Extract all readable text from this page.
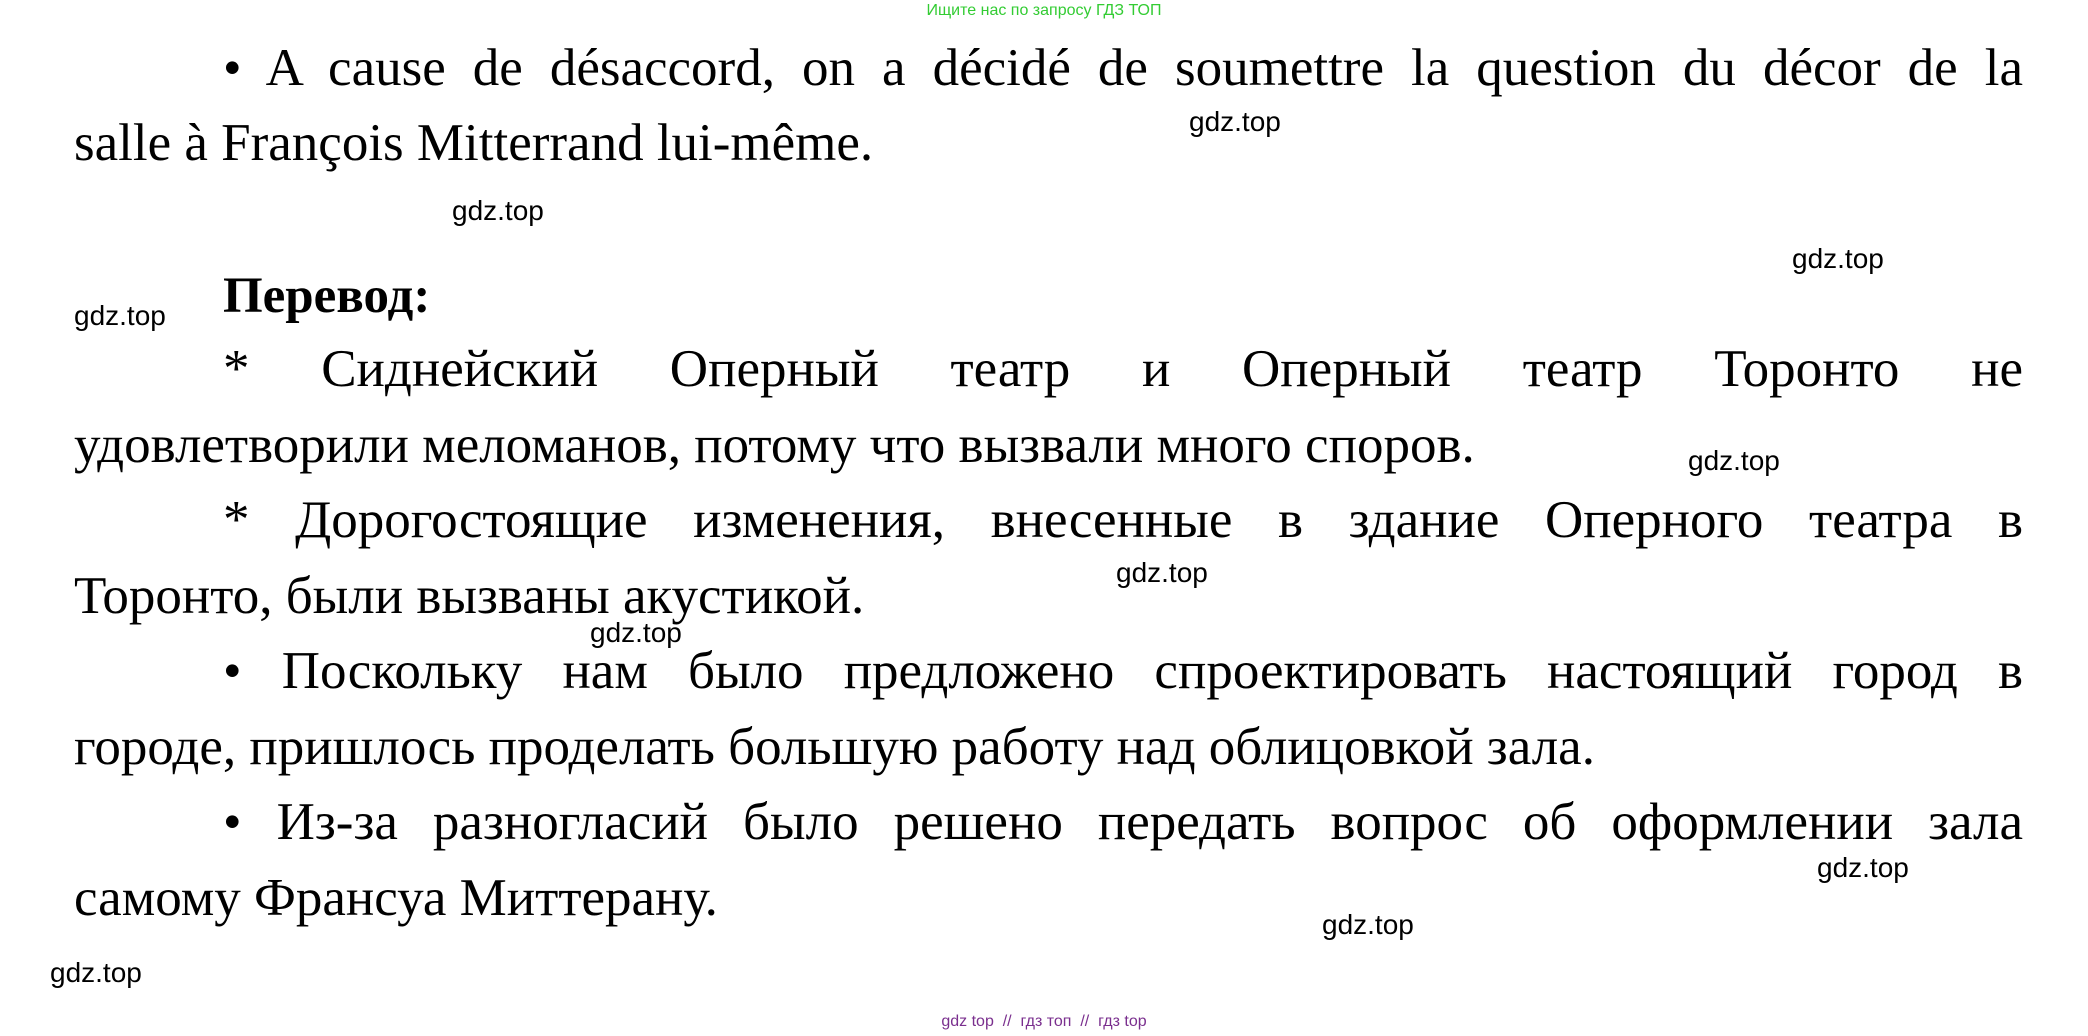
Ищите нас по запросу ГДЗ ТОП
• A cause de désaccord, on a décidé de soumettre la question du décor de la
salle à François Mitterrand lui-même.
Перевод:
* Сиднейский Оперный театр и Оперный театр Торонто не
удовлетворили меломанов, потому что вызвали много споров.
* Дорогостоящие изменения, внесенные в здание Оперного театра в
Торонто, были вызваны акустикой.
• Поскольку нам было предложено спроектировать настоящий город в
городе, пришлось проделать большую работу над облицовкой зала.
• Из-за разногласий было решено передать вопрос об оформлении зала
самому Франсуа Миттерану.
gdz.top
gdz.top
gdz.top
gdz.top
gdz.top
gdz.top
gdz.top
gdz.top
gdz.top
gdz.top
gdz top // гдз топ // гдз top
